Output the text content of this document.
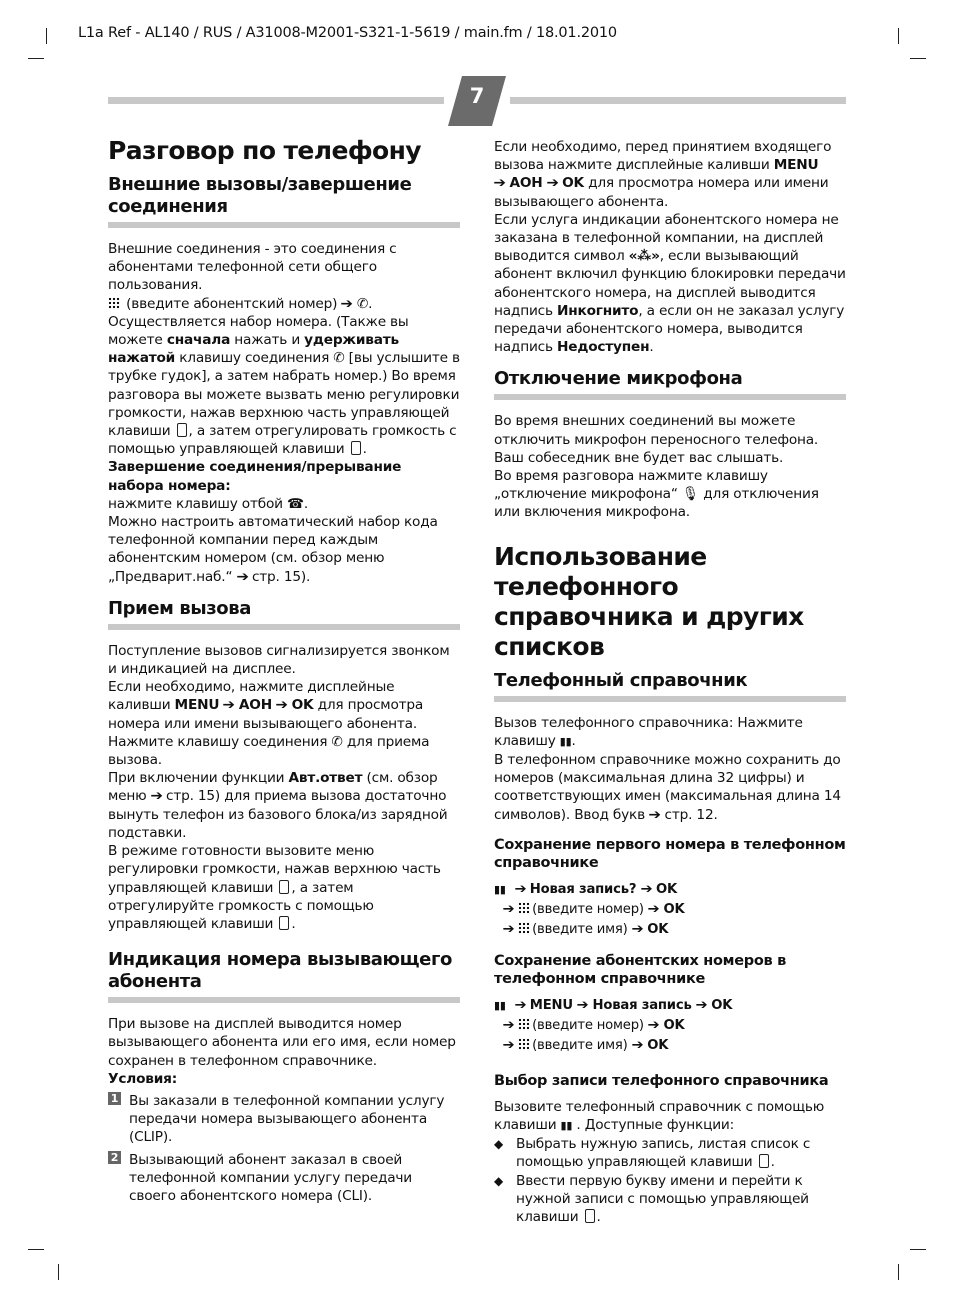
L1a Ref - AL140 / RUS / A31008-M2001-S321-1-5619 / main.fm / 18.01.2010
7
Разговор по телефону
Внешние вызовы/завершение соединения

Внешние соединения - это соединения с абонентами телефонной сети общего пользования.

(введите абонентский номер) ➔ ✆.

Осуществляется набор номера. (Также вы можете сначала нажать и удерживать нажатой клавишу соединения ✆ [вы услышите в трубке гудок], а затем набрать номер.) Во время разговора вы можете вызвать меню регулировки громкости, нажав верхнюю часть управляющей клавиши , а затем отрегулировать громкость с помощью управляющей клавиши .

Завершение соединения/прерывание набора номера:

нажмите клавишу отбой ☎.

Можно настроить автоматический набор кода телефонной компании перед каждым абонентским номером (см. обзор меню „Предварит.наб.“ ➔ стр. 15).

Прием вызова

Поступление вызовов сигнализируется звонком и индикацией на дисплее.

Если необходимо, нажмите дисплейные каливши MENU ➔ АОН ➔ OK для просмотра номера или имени вызывающего абонента.

Нажмите клавишу соединения ✆ для приема вызова.

При включении функции Авт.ответ (см. обзор меню ➔ стр. 15) для приема вызова достаточно вынуть телефон из базового блока/из зарядной подставки.

В режиме готовности вызовите меню регулировки громкости, нажав верхнюю часть управляющей клавиши , а затем отрегулируйте громкость с помощью управляющей клавиши .

Индикация номера вызывающего абонента

При вызове на дисплей выводится номер вызывающего абонента или его имя, если номер сохранен в телефонном справочнике.

Условия:

1 Вы заказали в телефонной компании услугу передачи номера вызывающего абонента (CLIP).
2 Вызывающий абонент заказал в своей телефонной компании услугу передачи своего абонентского номера (CLI).

Если необходимо, перед принятием входящего вызова нажмите дисплейные каливши MENU
➔ АОН ➔ OK для просмотра номера или имени вызывающего абонента.

Если услуга индикации абонентского номера не заказана в телефонной компании, на дисплей выводится символ «⁂», если вызывающий абонент включил функцию блокировки передачи абонентского номера, на дисплей выводится надпись Инкогнито, а если он не заказал услугу передачи абонентского номера, выводится надпись Недоступен.

Отключение микрофона

Во время внешних соединений вы можете отключить микрофон переносного телефона. Ваш собеседник вне будет вас слышать.

Во время разговора нажмите клавишу „отключение микрофона“ 🎙 для отключения или включения микрофона.

Использование телефонного справочника и других списков
Телефонный справочник

Вызов телефонного справочника: Нажмите клавишу ▮▮.

В телефонном справочнике можно сохранить до номеров (максимальная длина 32 цифры) и соответствующих имен (максимальная длина 14 символов). Ввод букв ➔ стр. 12.

Сохранение первого номера в телефонном справочнике
▮▮ ➔ Новая запись? ➔ OK
➔ (введите номер) ➔ OK
➔ (введите имя) ➔ OK
Сохранение абонентских номеров в телефонном справочнике
▮▮ ➔ MENU ➔ Новая запись ➔ OK
➔ (введите номер) ➔ OK
➔ (введите имя) ➔ OK
Выбор записи телефонного справочника

Вызовите телефонный справочник с помощью клавиши ▮▮ . Доступные функции:

◆ Выбрать нужную запись, листая список с помощью управляющей клавиши .
◆ Ввести первую букву имени и перейти к нужной записи с помощью управляющей клавиши .
